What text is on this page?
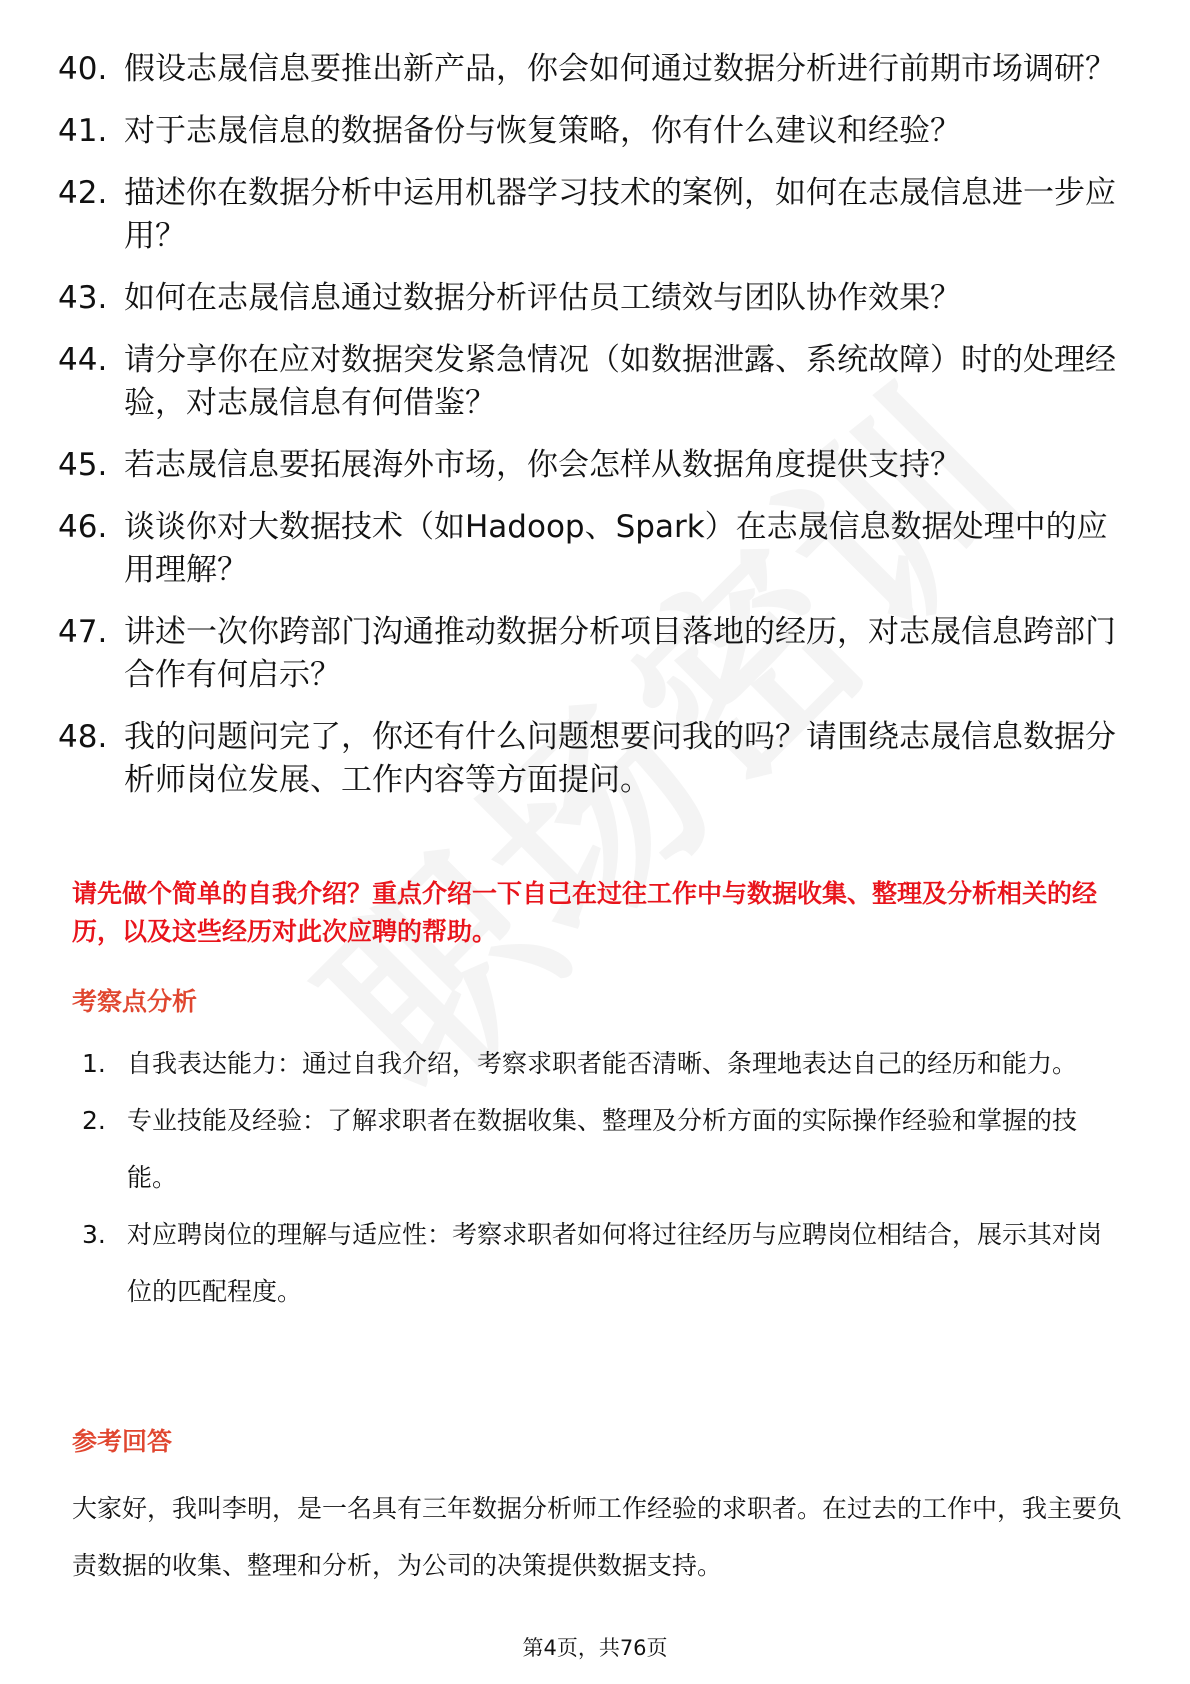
40. 假设志晟信息要推出新产品，你会如何通过数据分析进行前期市场调研？
41. 对于志晟信息的数据备份与恢复策略，你有什么建议和经验？
42. 描述你在数据分析中运用机器学习技术的案例，如何在志晟信息进一步应用？
43. 如何在志晟信息通过数据分析评估员工绩效与团队协作效果？
44. 请分享你在应对数据突发紧急情况（如数据泄露、系统故障）时的处理经验，对志晟信息有何借鉴？
45. 若志晟信息要拓展海外市场，你会怎样从数据角度提供支持？
46. 谈谈你对大数据技术（如Hadoop、Spark）在志晟信息数据处理中的应用理解？
47. 讲述一次你跨部门沟通推动数据分析项目落地的经历，对志晟信息跨部门合作有何启示？
48. 我的问题问完了，你还有什么问题想要问我的吗？请围绕志晟信息数据分析师岗位发展、工作内容等方面提问。
请先做个简单的自我介绍？重点介绍一下自己在过往工作中与数据收集、整理及分析相关的经历，以及这些经历对此次应聘的帮助。
考察点分析
1. 自我表达能力：通过自我介绍，考察求职者能否清晰、条理地表达自己的经历和能力。
2. 专业技能及经验：了解求职者在数据收集、整理及分析方面的实际操作经验和掌握的技能。
3. 对应聘岗位的理解与适应性：考察求职者如何将过往经历与应聘岗位相结合，展示其对岗位的匹配程度。
参考回答
大家好，我叫李明，是一名具有三年数据分析师工作经验的求职者。在过去的工作中，我主要负责数据的收集、整理和分析，为公司的决策提供数据支持。
第4页，共76页
